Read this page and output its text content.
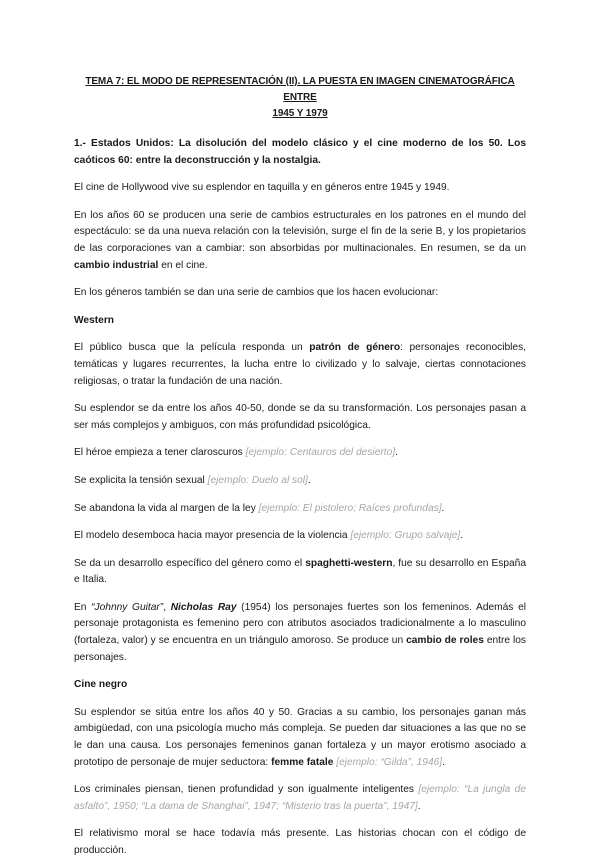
TEMA 7: EL MODO DE REPRESENTACIÓN (II). LA PUESTA EN IMAGEN CINEMATOGRÁFICA ENTRE
1945 Y 1979

1.- Estados Unidos: La disolución del modelo clásico y el cine moderno de los 50. Los caóticos 60: entre la deconstrucción y la nostalgia.

El cine de Hollywood vive su esplendor en taquilla y en géneros entre 1945 y 1949.

En los años 60 se producen una serie de cambios estructurales en los patrones en el mundo del espectáculo: se da una nueva relación con la televisión, surge el fin de la serie B, y los propietarios de las corporaciones van a cambiar: son absorbidas por multinacionales. En resumen, se da un cambio industrial en el cine.

En los géneros también se dan una serie de cambios que los hacen evolucionar:

Western

El público busca que la película responda un patrón de género: personajes reconocibles, temáticas y lugares recurrentes, la lucha entre lo civilizado y lo salvaje, ciertas connotaciones religiosas, o tratar la fundación de una nación.

Su esplendor se da entre los años 40-50, donde se da su transformación. Los personajes pasan a ser más complejos y ambiguos, con más profundidad psicológica.

El héroe empieza a tener claroscuros [ejemplo: Centauros del desierto].

Se explicita la tensión sexual [ejemplo: Duelo al sol].

Se abandona la vida al margen de la ley [ejemplo: El pistolero; Raíces profundas].

El modelo desemboca hacia mayor presencia de la violencia [ejemplo: Grupo salvaje].

Se da un desarrollo específico del género como el spaghetti-western, fue su desarrollo en España e Italia.

En “Johnny Guitar”, Nicholas Ray (1954) los personajes fuertes son los femeninos. Además el personaje protagonista es femenino pero con atributos asociados tradicionalmente a lo masculino (fortaleza, valor) y se encuentra en un triángulo amoroso. Se produce un cambio de roles entre los personajes.

Cine negro

Su esplendor se sitúa entre los años 40 y 50. Gracias a su cambio, los personajes ganan más ambigüedad, con una psicología mucho más compleja. Se pueden dar situaciones a las que no se le dan una causa. Los personajes femeninos ganan fortaleza y un mayor erotismo asociado a prototipo de personaje de mujer seductora: femme fatale [ejemplo: “Gilda”, 1946].

Los criminales piensan, tienen profundidad y son igualmente inteligentes [ejemplo: “La jungla de asfalto”, 1950; “La dama de Shanghai”, 1947; “Misterio tras la puerta”, 1947].

El relativismo moral se hace todavía más presente. Las historias chocan con el código de producción.
